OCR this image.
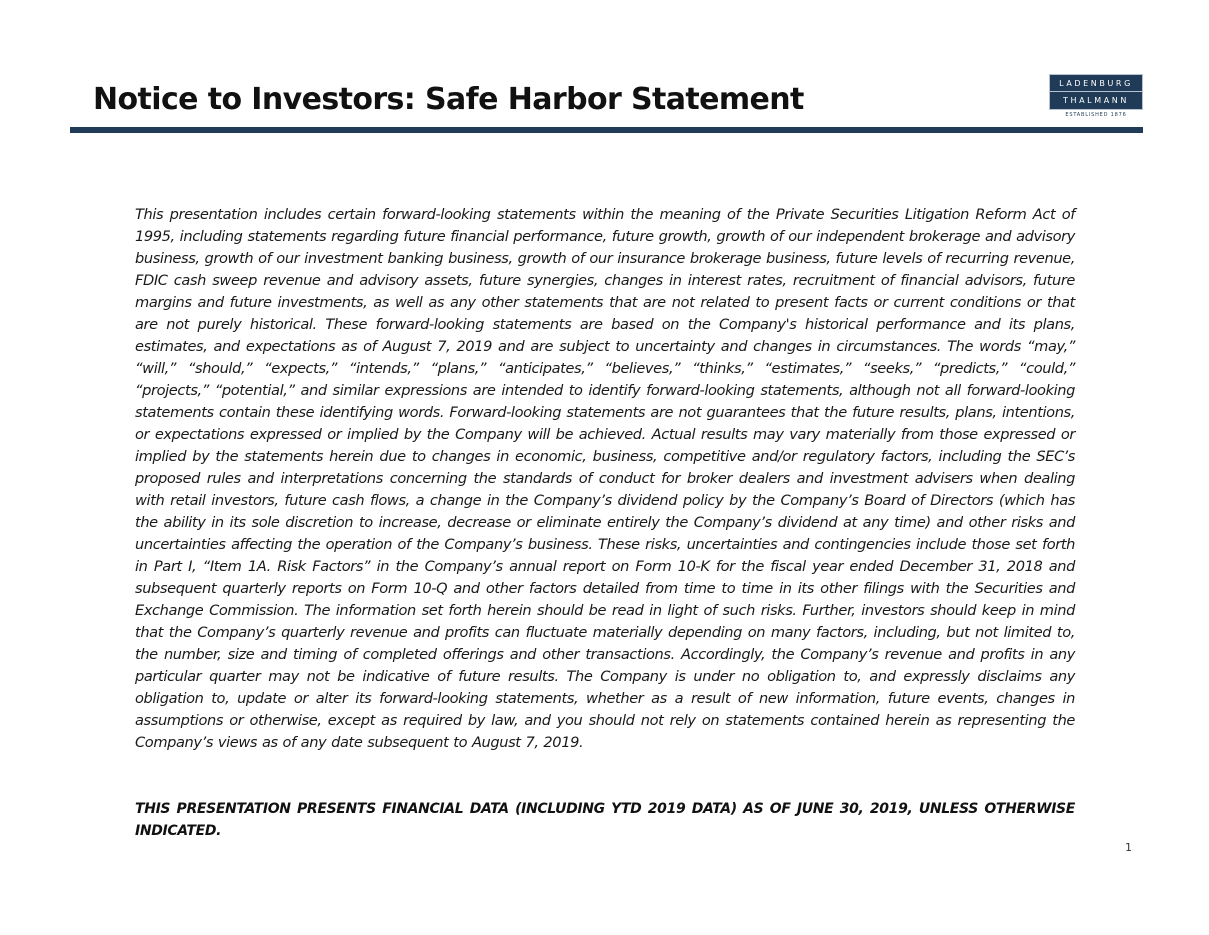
Notice to Investors: Safe Harbor Statement	LADENBURG
THALMANN
ESTABLISHED 1876

This presentation includes certain forward-looking statements within the meaning of the Private Securities Litigation Reform Act of 1995, including statements regarding future financial performance, future growth, growth of our independent brokerage and advisory business, growth of our investment banking business, growth of our insurance brokerage business, future levels of recurring revenue, FDIC cash sweep revenue and advisory assets, future synergies, changes in interest rates, recruitment of financial advisors, future margins and future investments, as well as any other statements that are not related to present facts or current conditions or that are not purely historical. These forward-looking statements are based on the Company's historical performance and its plans, estimates, and expectations as of August 7, 2019 and are subject to uncertainty and changes in circumstances. The words “may,” “will,” “should,” “expects,” “intends,” “plans,” “anticipates,” “believes,” “thinks,” “estimates,” “seeks,” “predicts,” “could,” “projects,” “potential,” and similar expressions are intended to identify forward-looking statements, although not all forward-looking statements contain these identifying words. Forward-looking statements are not guarantees that the future results, plans, intentions, or expectations expressed or implied by the Company will be achieved. Actual results may vary materially from those expressed or implied by the statements herein due to changes in economic, business, competitive and/or regulatory factors, including the SEC’s proposed rules and interpretations concerning the standards of conduct for broker dealers and investment advisers when dealing with retail investors, future cash flows, a change in the Company’s dividend policy by the Company’s Board of Directors (which has the ability in its sole discretion to increase, decrease or eliminate entirely the Company’s dividend at any time) and other risks and uncertainties affecting the operation of the Company’s business. These risks, uncertainties and contingencies include those set forth in Part I, “Item 1A. Risk Factors” in the Company’s annual report on Form 10-K for the fiscal year ended December 31, 2018 and subsequent quarterly reports on Form 10-Q and other factors detailed from time to time in its other filings with the Securities and Exchange Commission. The information set forth herein should be read in light of such risks. Further, investors should keep in mind that the Company’s quarterly revenue and profits can fluctuate materially depending on many factors, including, but not limited to, the number, size and timing of completed offerings and other transactions. Accordingly, the Company’s revenue and profits in any particular quarter may not be indicative of future results. The Company is under no obligation to, and expressly disclaims any obligation to, update or alter its forward-looking statements, whether as a result of new information, future events, changes in assumptions or otherwise, except as required by law, and you should not rely on statements contained herein as representing the Company’s views as of any date subsequent to August 7, 2019.

THIS PRESENTATION PRESENTS FINANCIAL DATA (INCLUDING YTD 2019 DATA) AS OF JUNE 30, 2019, UNLESS OTHERWISE INDICATED.

1
